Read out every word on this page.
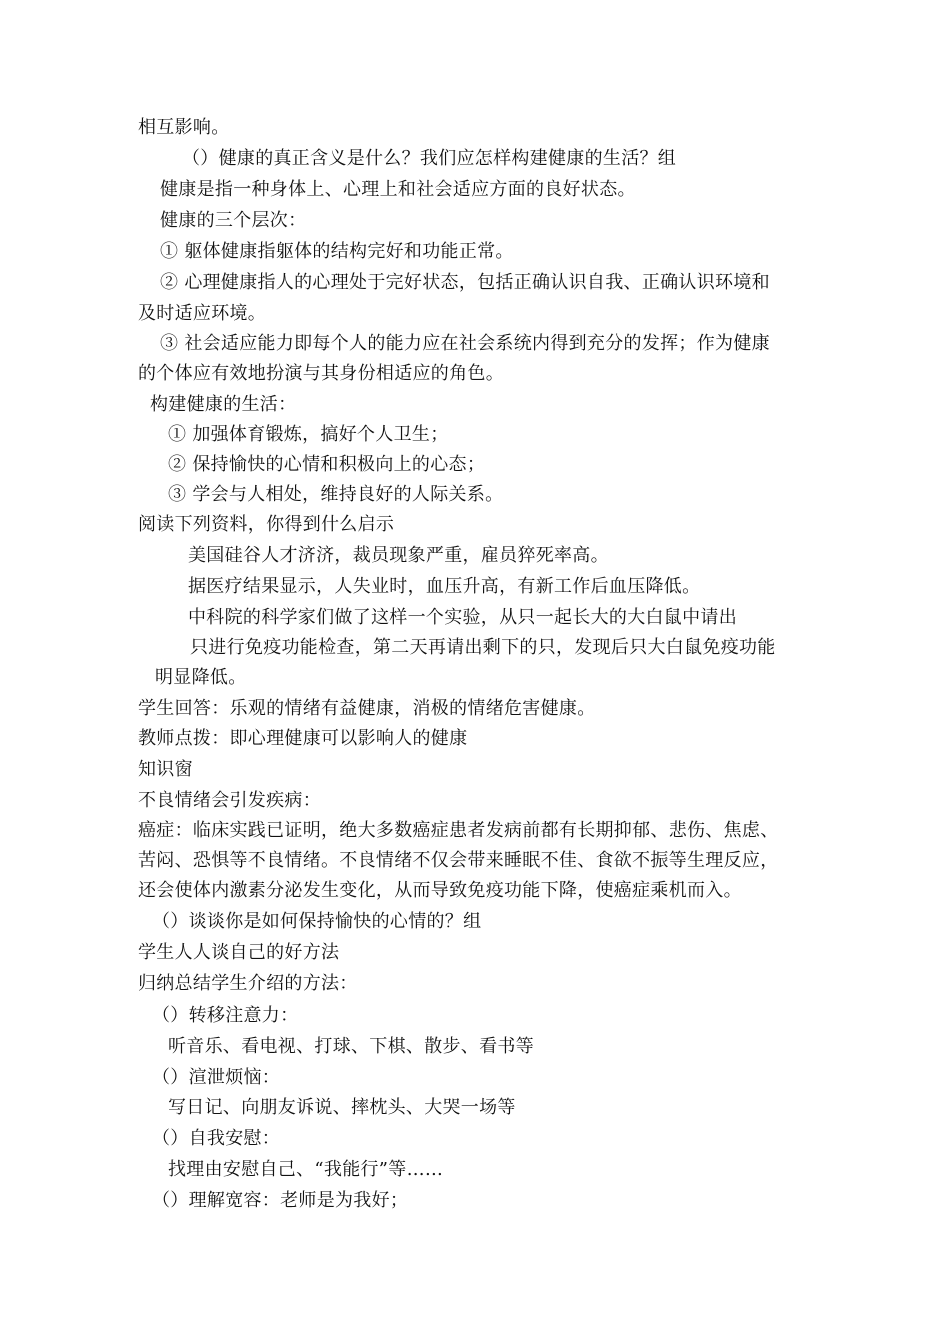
相互影响。
（）健康的真正含义是什么？我们应怎样构建健康的生活？组
健康是指一种身体上、心理上和社会适应方面的良好状态。
健康的三个层次：
① 躯体健康指躯体的结构完好和功能正常。
② 心理健康指人的心理处于完好状态，包括正确认识自我、正确认识环境和
及时适应环境。
③ 社会适应能力即每个人的能力应在社会系统内得到充分的发挥；作为健康
的个体应有效地扮演与其身份相适应的角色。
构建健康的生活：
① 加强体育锻炼，搞好个人卫生；
② 保持愉快的心情和积极向上的心态；
③ 学会与人相处，维持良好的人际关系。
阅读下列资料，你得到什么启示
美国硅谷人才济济，裁员现象严重，雇员猝死率高。
据医疗结果显示，人失业时，血压升高，有新工作后血压降低。
中科院的科学家们做了这样一个实验，从只一起长大的大白鼠中请出
只进行免疫功能检查，第二天再请出剩下的只，发现后只大白鼠免疫功能
明显降低。
学生回答：乐观的情绪有益健康，消极的情绪危害健康。
教师点拨：即心理健康可以影响人的健康
知识窗
不良情绪会引发疾病：
癌症：临床实践已证明，绝大多数癌症患者发病前都有长期抑郁、悲伤、焦虑、
苦闷、恐惧等不良情绪。不良情绪不仅会带来睡眠不佳、食欲不振等生理反应，
还会使体内激素分泌发生变化，从而导致免疫功能下降，使癌症乘机而入。
（）谈谈你是如何保持愉快的心情的？组
学生人人谈自己的好方法
归纳总结学生介绍的方法：
（）转移注意力：
听音乐、看电视、打球、下棋、散步、看书等
（）渲泄烦恼：
写日记、向朋友诉说、摔枕头、大哭一场等
（）自我安慰：
找理由安慰自己、“我能行”等……
（）理解宽容：老师是为我好；
